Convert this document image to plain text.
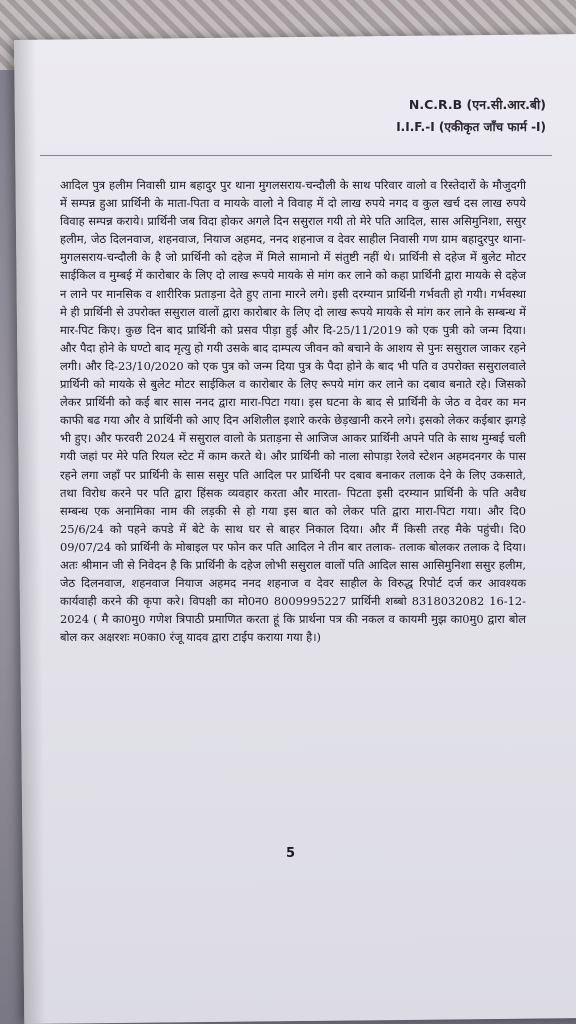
N.C.R.B (एन.सी.आर.बी)
I.I.F.-I (एकीकृत जाँच फार्म -I)
आदिल पुत्र हलीम निवासी ग्राम बहादुर पुर थाना मुगलसराय-चन्दौली के साथ परिवार वालो व रिस्तेदारों के मौजुदगी में सम्पन्न हुआ प्रार्थिनी के माता-पिता व मायके वालो ने विवाह में दो लाख रुपये नगद व कुल खर्च दस लाख रुपये विवाह सम्पन्न कराये। प्रार्थिनी जब विदा होकर अगले दिन ससुराल गयी तो मेरे पति आदिल, सास असिमुनिशा, ससुर हलीम, जेठ दिलनवाज, शहनवाज, नियाज अहमद, ननद शहनाज व देवर साहील निवासी गण ग्राम बहादुरपुर थाना- मुगलसराय-चन्दौली के है जो प्रार्थिनी को दहेज में मिले सामानो में संतुष्टी नहीं थे। प्रार्थिनी से दहेज में बुलेट मोटर साईकिल व मुम्बई में कारोबार के लिए दो लाख रूपये मायके से मांग कर लाने को कहा प्रार्थिनी द्वारा मायके से दहेज न लाने पर मानसिक व शारीरिक प्रताड़ना देते हुए ताना मारने लगे। इसी दरम्यान प्रार्थिनी गर्भवती हो गयी। गर्भवस्था मे ही प्रार्थिनी से उपरोक्त ससुराल वालों द्वारा कारोबार के लिए दो लाख रूपये मायके से मांग कर लाने के सम्बन्ध में मार-पिट किए। कुछ दिन बाद प्रार्थिनी को प्रसव पीड़ा हुई और दि-25/11/2019 को एक पुत्री को जन्म दिया। और पैदा होने के घण्टो बाद मृत्यु हो गयी उसके बाद दाम्पत्य जीवन को बचाने के आशय से पुनः ससुराल जाकर रहने लगी। और दि-23/10/2020 को एक पुत्र को जन्म दिया पुत्र के पैदा होने के बाद भी पति व उपरोक्त ससुरालवाले प्रार्थिनी को मायके से बुलेट मोटर साईकिल व कारोबार के लिए रूपये मांग कर लाने का दबाव बनाते रहे। जिसको लेकर प्रार्थिनी को कई बार सास ननद द्वारा मारा-पिटा गया। इस घटना के बाद से प्रार्थिनी के जेठ व देवर का मन काफी बढ गया और वे प्रार्थिनी को आए दिन अशिलील इशारे करके छेड़खानी करने लगे। इसको लेकर कईबार झगड़े भी हुए। और फरवरी 2024 में ससुराल वालो के प्रताड़ना से आजिज आकर प्रार्थिनी अपने पति के साथ मुम्बई चली गयी जहां पर मेरे पति रियल स्टेट में काम करते थे। और प्रार्थिनी को नाला सोपाड़ा रेलवे स्टेशन अहमदनगर के पास रहने लगा जहाँ पर प्रार्थिनी के सास ससुर पति आदिल पर प्रार्थिनी पर दबाव बनाकर तलाक देने के लिए उकसाते, तथा विरोध करने पर पति द्वारा हिंसक व्यवहार करता और मारता- पिटता इसी दरम्यान प्रार्थिनी के पति अवैध सम्बन्ध एक अनामिका नाम की लड़की से हो गया इस बात को लेकर पति द्वारा मारा-पिटा गया। और दि0 25/6/24 को पहने कपडे में बेटे के साथ घर से बाहर निकाल दिया। और मैं किसी तरह मैके पहुंची। दि0 09/07/24 को प्रार्थिनी के मोबाइल पर फोन कर पति आदिल ने तीन बार तलाक- तलाक बोलकर तलाक दे दिया। अतः श्रीमान जी से निवेदन है कि प्रार्थिनी के दहेज लोभी ससुराल वालों पति आदिल सास आसिमुनिशा ससुर हलीम, जेठ दिलनवाज, शहनवाज नियाज अहमद ननद शहनाज व देवर साहील के विरुद्ध रिपोर्ट दर्ज कर आवश्यक कार्यवाही करने की कृपा करे। विपक्षी का मो0न0 8009995227 प्रार्थिनी शब्बो 8318032082 16-12-2024 ( मै का0मु0 गणेश त्रिपाठी प्रमाणित करता हूं कि प्रार्थना पत्र की नकल व कायमी मुझ का0मु0 द्वारा बोल बोल कर अक्षरशः म0का0 रंजू यादव द्वारा टाईप कराया गया है।)
5
